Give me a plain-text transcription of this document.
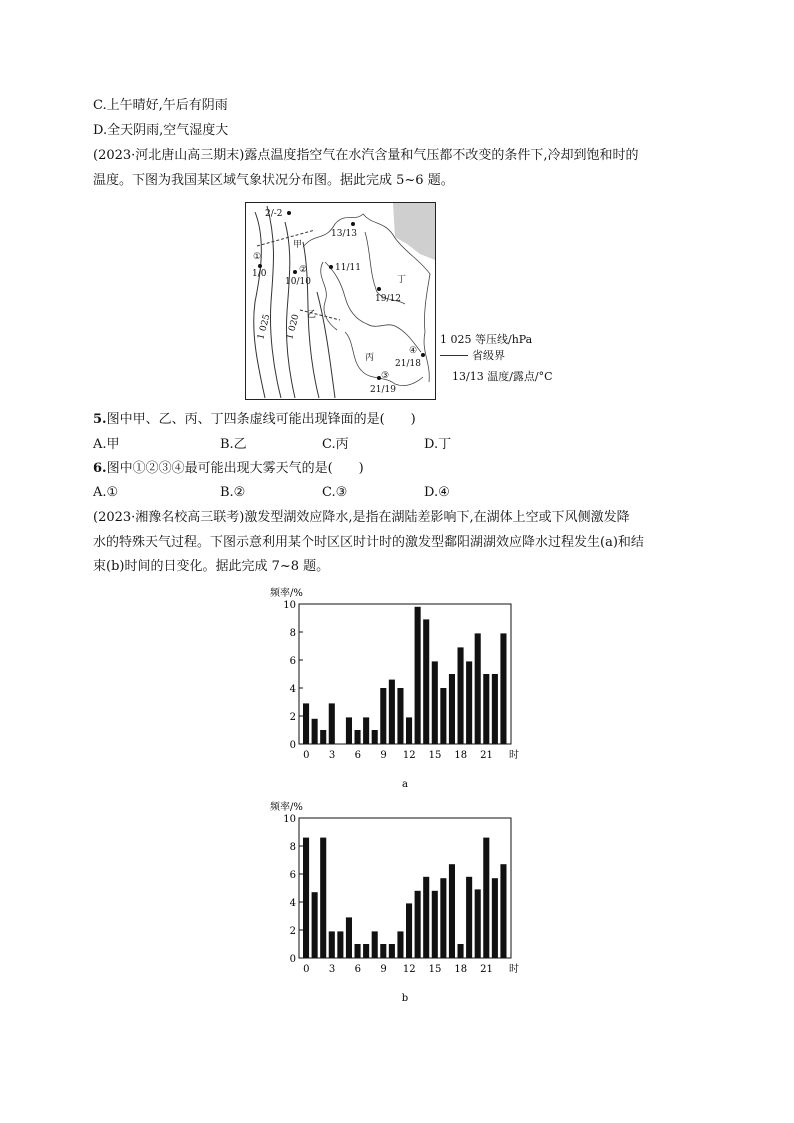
C.上午晴好,午后有阴雨
D.全天阴雨,空气湿度大
(2023·河北唐山高三期末)露点温度指空气在水汽含量和气压都不改变的条件下,冷却到饱和时的
温度。下图为我国某区域气象状况分布图。据此完成 5~6 题。
2/-2
13/13
1/0
10/10
11/11
19/12
21/18
21/19
甲
乙
丙
丁
①
②
③
④
1 025 1 020	1 025 等压线/hPa
省级界
13/13 温度/露点/°C
5.图中甲、乙、丙、丁四条虚线可能出现锋面的是(　　)
A.甲	B.乙	C.丙	D.丁
6.图中①②③④最可能出现大雾天气的是(　　)
A.①	B.②	C.③	D.④
(2023·湘豫名校高三联考)激发型湖效应降水,是指在湖陆差影响下,在湖体上空或下风侧激发降
水的特殊天气过程。下图示意利用某个时区区时计时的激发型鄱阳湖湖效应降水过程发生(a)和结
束(b)时间的日变化。据此完成 7~8 题。
频率/%
0
2
4
6
8
10
0 3 6 9 12 15 18 21 时
a
频率/%
0
2
4
6
8
10
0 3 6 9 12 15 18 21 时
b
